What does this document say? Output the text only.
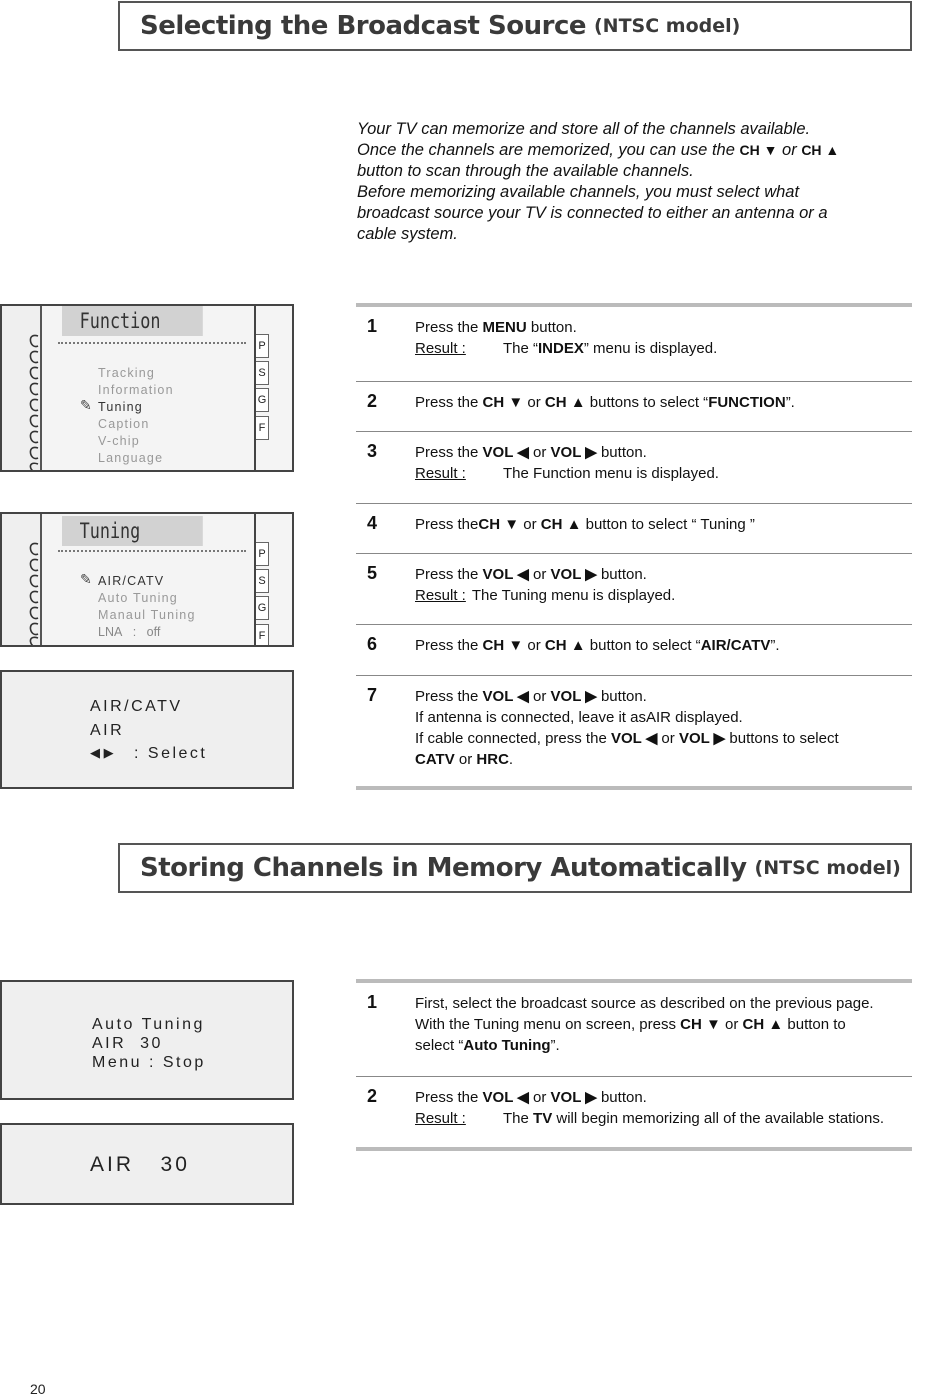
Selecting the Broadcast Source (NTSC model)

Your TV can memorize and store all of the channels available.

Once the channels are memorized, you can use the CH ▼ or CH ▲

button to scan through the available channels.

Before memorizing available channels, you must select what

broadcast source your TV is connected to either an antenna or a

cable system.

Function
Tracking
Information
✎ Tuning
Caption
V-chip
Language
P
S
G
F
Tuning
✎ AIR/CATV
Auto Tuning
Manaul Tuning
LNA : off
P
S
G
F
AIR/CATV
AIR
◀ ▶ : Select
1	Press the MENU button.
Result : The “INDEX” menu is displayed.
2	Press the CH ▼ or CH ▲ buttons to select “FUNCTION”.
3	Press the VOL ◀ or VOL ▶ button.
Result : The Function menu is displayed.
4	Press theCH ▼ or CH ▲ button to select “ Tuning ”
5	Press the VOL ◀ or VOL ▶ button.
Result : The Tuning menu is displayed.
6	Press the CH ▼ or CH ▲ button to select “AIR/CATV”.
7	Press the VOL ◀ or VOL ▶ button.
If antenna is connected, leave it asAIR displayed.
If cable connected, press the VOL ◀ or VOL ▶ buttons to select
CATV or HRC.
Storing Channels in Memory Automatically (NTSC model)
Auto Tuning
AIR  30
Menu : Stop
AIR   30
1	First, select the broadcast source as described on the previous page.
With the Tuning menu on screen, press CH ▼ or CH ▲ button to
select “Auto Tuning”.
2	Press the VOL ◀ or VOL ▶ button.
Result : The TV will begin memorizing all of the available stations.
20
